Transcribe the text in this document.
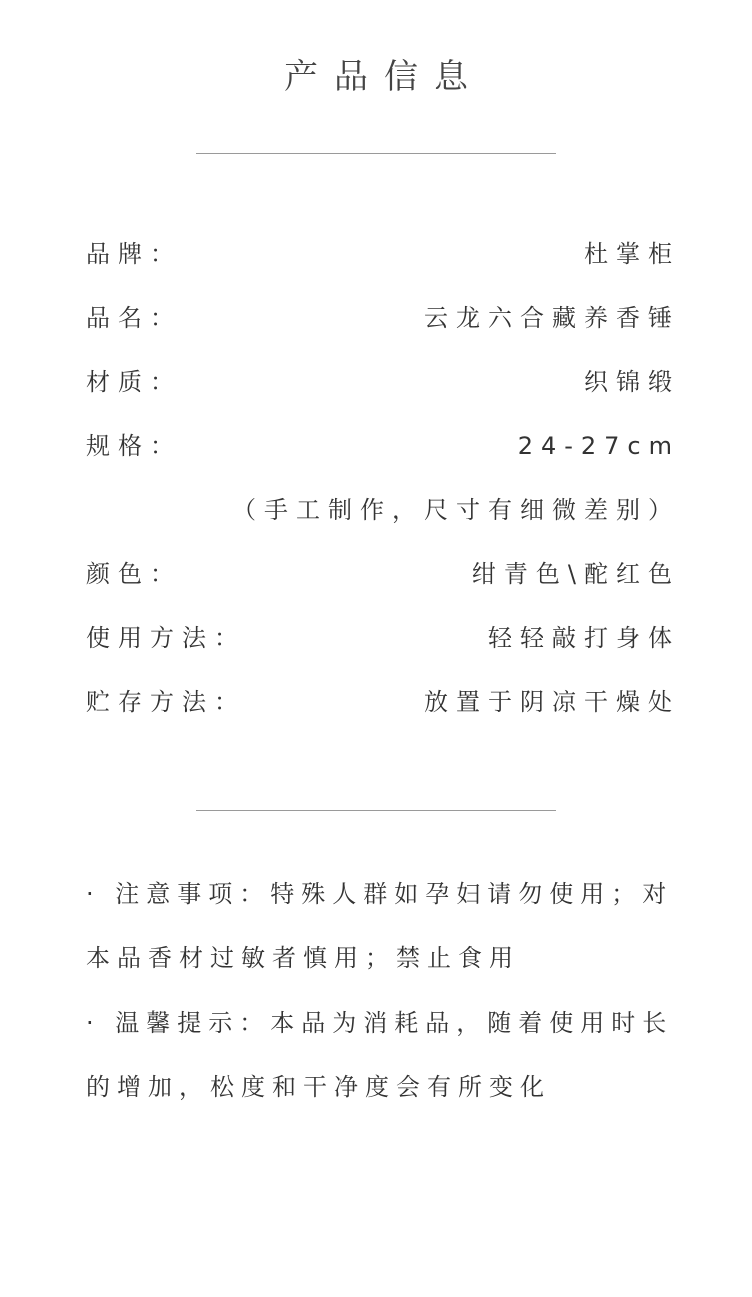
产品信息
品牌：	杜掌柜
品名：	云龙六合藏养香锤
材质：	织锦缎
规格：	24-27cm
（手工制作，尺寸有细微差别）
颜色：	绀青色\酡红色
使用方法：	轻轻敲打身体
贮存方法：	放置于阴凉干燥处
· 注意事项：特殊人群如孕妇请勿使用；对
本品香材过敏者慎用；禁止食用
· 温馨提示：本品为消耗品，随着使用时长
的增加，松度和干净度会有所变化
